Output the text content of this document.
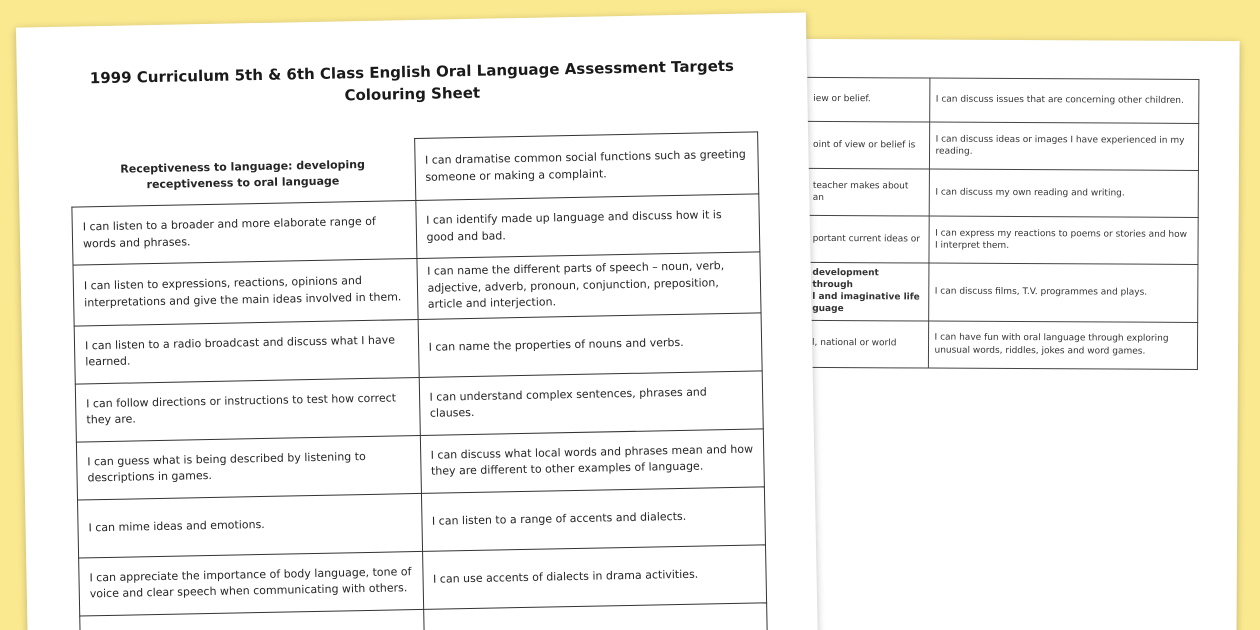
iew or belief.	I can discuss issues that are concerning other children.

oint of view or belief is	I can discuss ideas or images I have experienced in my reading.

teacher makes about an	I can discuss my own reading and writing.

portant current ideas or	I can express my reactions to poems or stories and how I interpret them.

development through
l and imaginative life
guage	I can discuss films, T.V. programmes and plays.

l, national or world	I can have fun with oral language through exploring unusual words, riddles, jokes and word games.
1999 Curriculum 5th & 6th Class English Oral Language Assessment Targets Colouring Sheet
Receptiveness to language: developing receptiveness to oral language	I can dramatise common social functions such as greeting someone or making a complaint.
I can listen to a broader and more elaborate range of words and phrases.	I can identify made up language and discuss how it is good and bad.
I can listen to expressions, reactions, opinions and interpretations and give the main ideas involved in them.	I can name the different parts of speech – noun, verb, adjective, adverb, pronoun, conjunction, preposition, article and interjection.
I can listen to a radio broadcast and discuss what I have learned.	I can name the properties of nouns and verbs.
I can follow directions or instructions to test how correct they are.	I can understand complex sentences, phrases and clauses.
I can guess what is being described by listening to descriptions in games.	I can discuss what local words and phrases mean and how they are different to other examples of language.
I can mime ideas and emotions.	I can listen to a range of accents and dialects.
I can appreciate the importance of body language, tone of voice and clear speech when communicating with others.	I can use accents of dialects in drama activities.
